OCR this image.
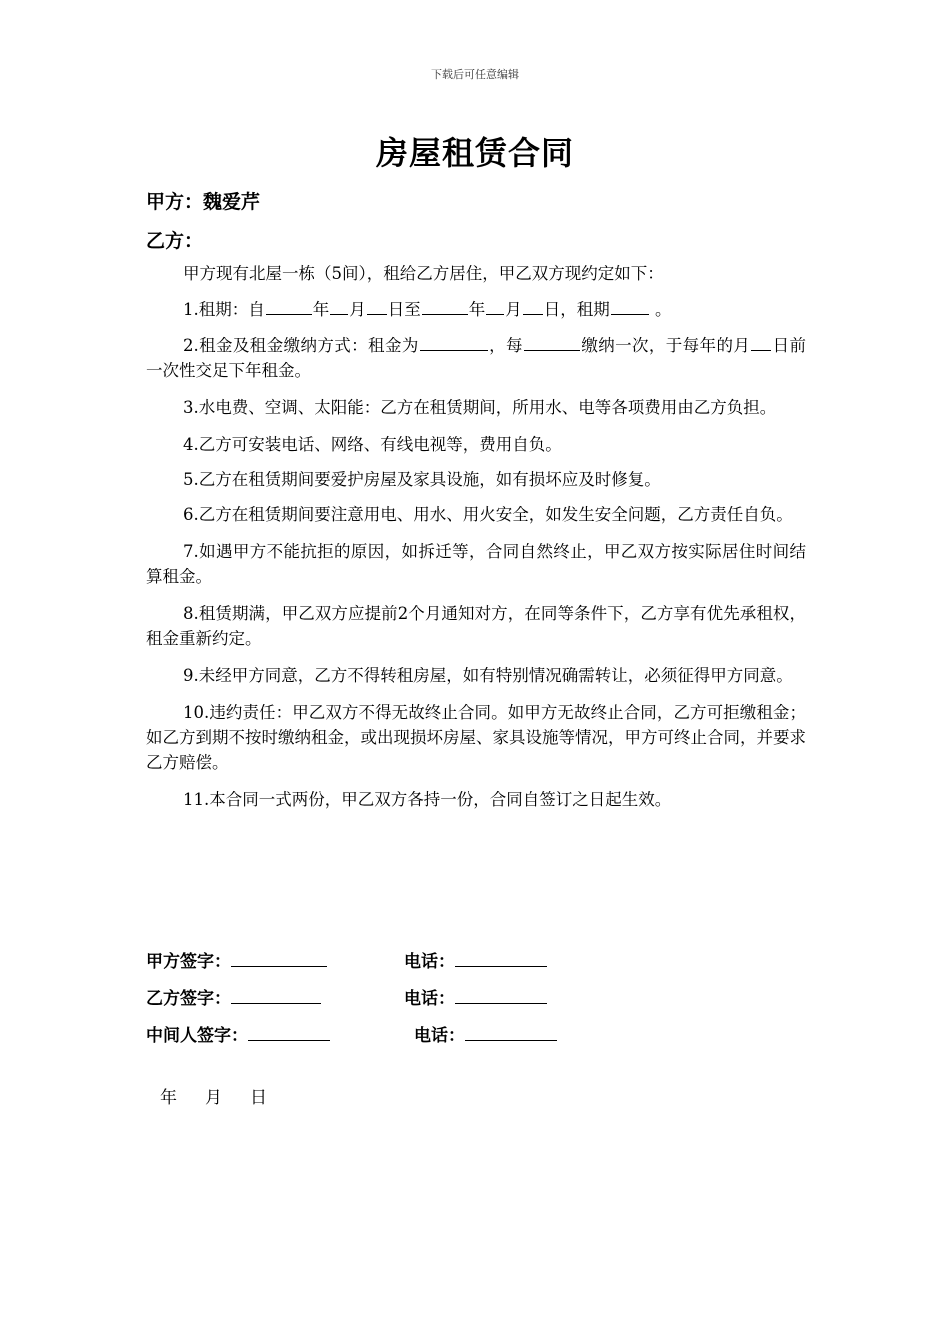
下载后可任意编辑
房屋租赁合同
甲方：魏爱芹
乙方：

甲方现有北屋一栋（5间），租给乙方居住，甲乙双方现约定如下：

1.租期：自	年 月 日至	年 月 日，租期	。

2.租金及租金缴纳方式：租金为	，每	缴纳一次，于每年的月 日前一次性交足下年租金。

3.水电费、空调、太阳能：乙方在租赁期间，所用水、电等各项费用由乙方负担。

4.乙方可安装电话、网络、有线电视等，费用自负。

5.乙方在租赁期间要爱护房屋及家具设施，如有损坏应及时修复。

6.乙方在租赁期间要注意用电、用水、用火安全，如发生安全问题，乙方责任自负。

7.如遇甲方不能抗拒的原因，如拆迁等，合同自然终止，甲乙双方按实际居住时间结算租金。

8.租赁期满，甲乙双方应提前2个月通知对方，在同等条件下，乙方享有优先承租权，租金重新约定。

9.未经甲方同意，乙方不得转租房屋，如有特别情况确需转让，必须征得甲方同意。

10.违约责任：甲乙双方不得无故终止合同。如甲方无故终止合同，乙方可拒缴租金；如乙方到期不按时缴纳租金，或出现损坏房屋、家具设施等情况，甲方可终止合同，并要求乙方赔偿。

11.本合同一式两份，甲乙双方各持一份，合同自签订之日起生效。

甲方签字：	电话：
乙方签字：	电话：
中间人签字：	电话：
年 月 日
